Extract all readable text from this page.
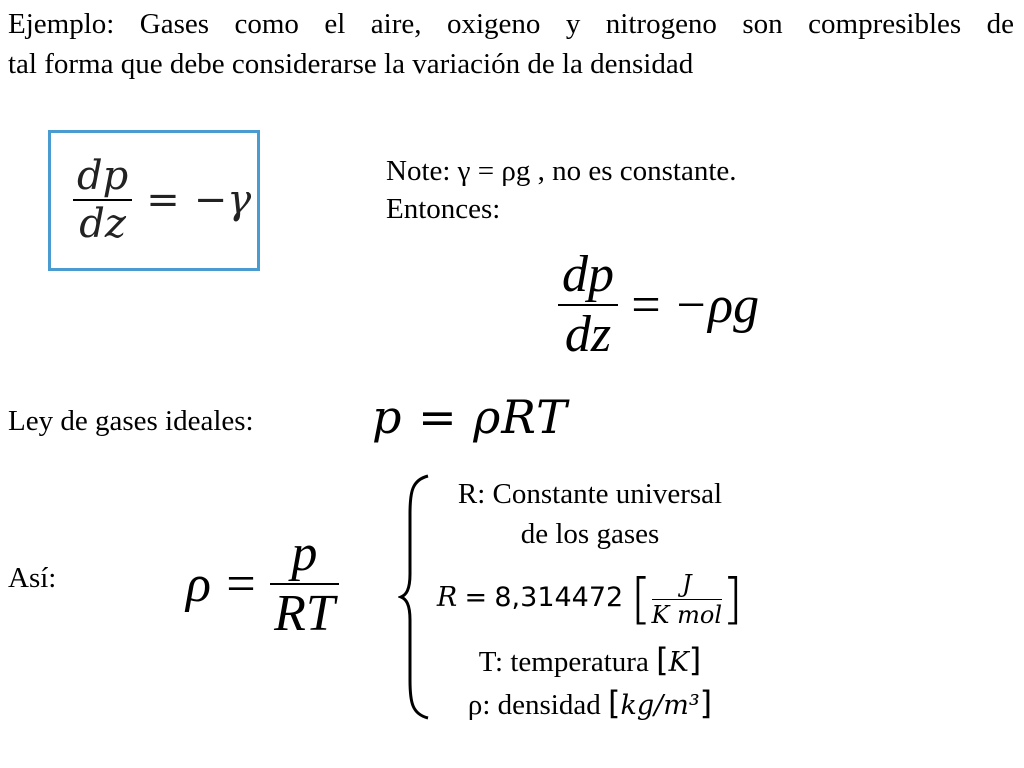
Ejemplo: Gases como el aire, oxigeno y nitrogeno son compresibles de
tal forma que debe considerarse la variación de la densidad
$\frac{dp}{dz} = -\gamma$
Note: γ = ρg , no es constante.
Entonces:
$\frac{dp}{dz} = -\rho g$
Ley de gases ideales:	p = ρRT
Así: $\rho = \frac{p}{RT}$
R: Constante universal
de los gases
R = 8,314472 [ J
K mol ]
T: temperatura [K]
ρ: densidad [kg/m³]
